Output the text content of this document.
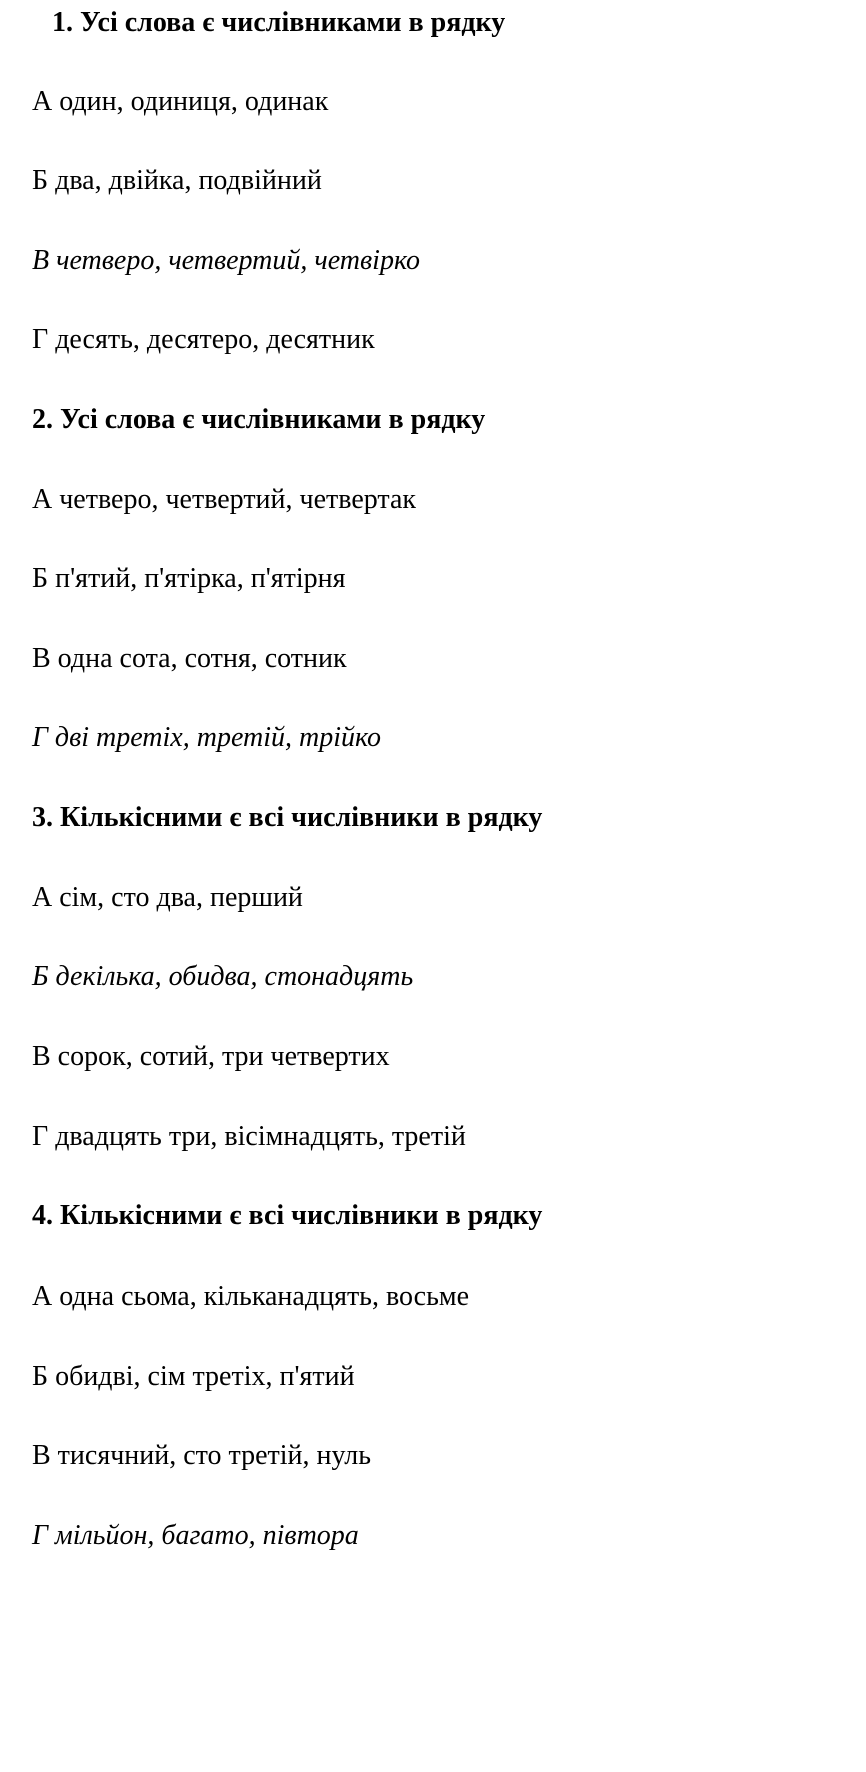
1. Усі слова є числівниками в рядку
А один, одиниця, одинак
Б два, двійка, подвійний
В четверо, четвертий, четвірко
Г десять, десятеро, десятник
2. Усі слова є числівниками в рядку
А четверо, четвертий, четвертак
Б п'ятий, п'ятірка, п'ятірня
В одна сота, сотня, сотник
Г дві третіх, третій, трійко
3. Кількісними є всі числівники в рядку
А сім, сто два, перший
Б декілька, обидва, стонадцять
В сорок, сотий, три четвертих
Г двадцять три, вісімнадцять, третій
4. Кількісними є всі числівники в рядку
А одна сьома, кільканадцять, восьме
Б обидві, сім третіх, п'ятий
В тисячний, сто третій, нуль
Г мільйон, багато, півтора
